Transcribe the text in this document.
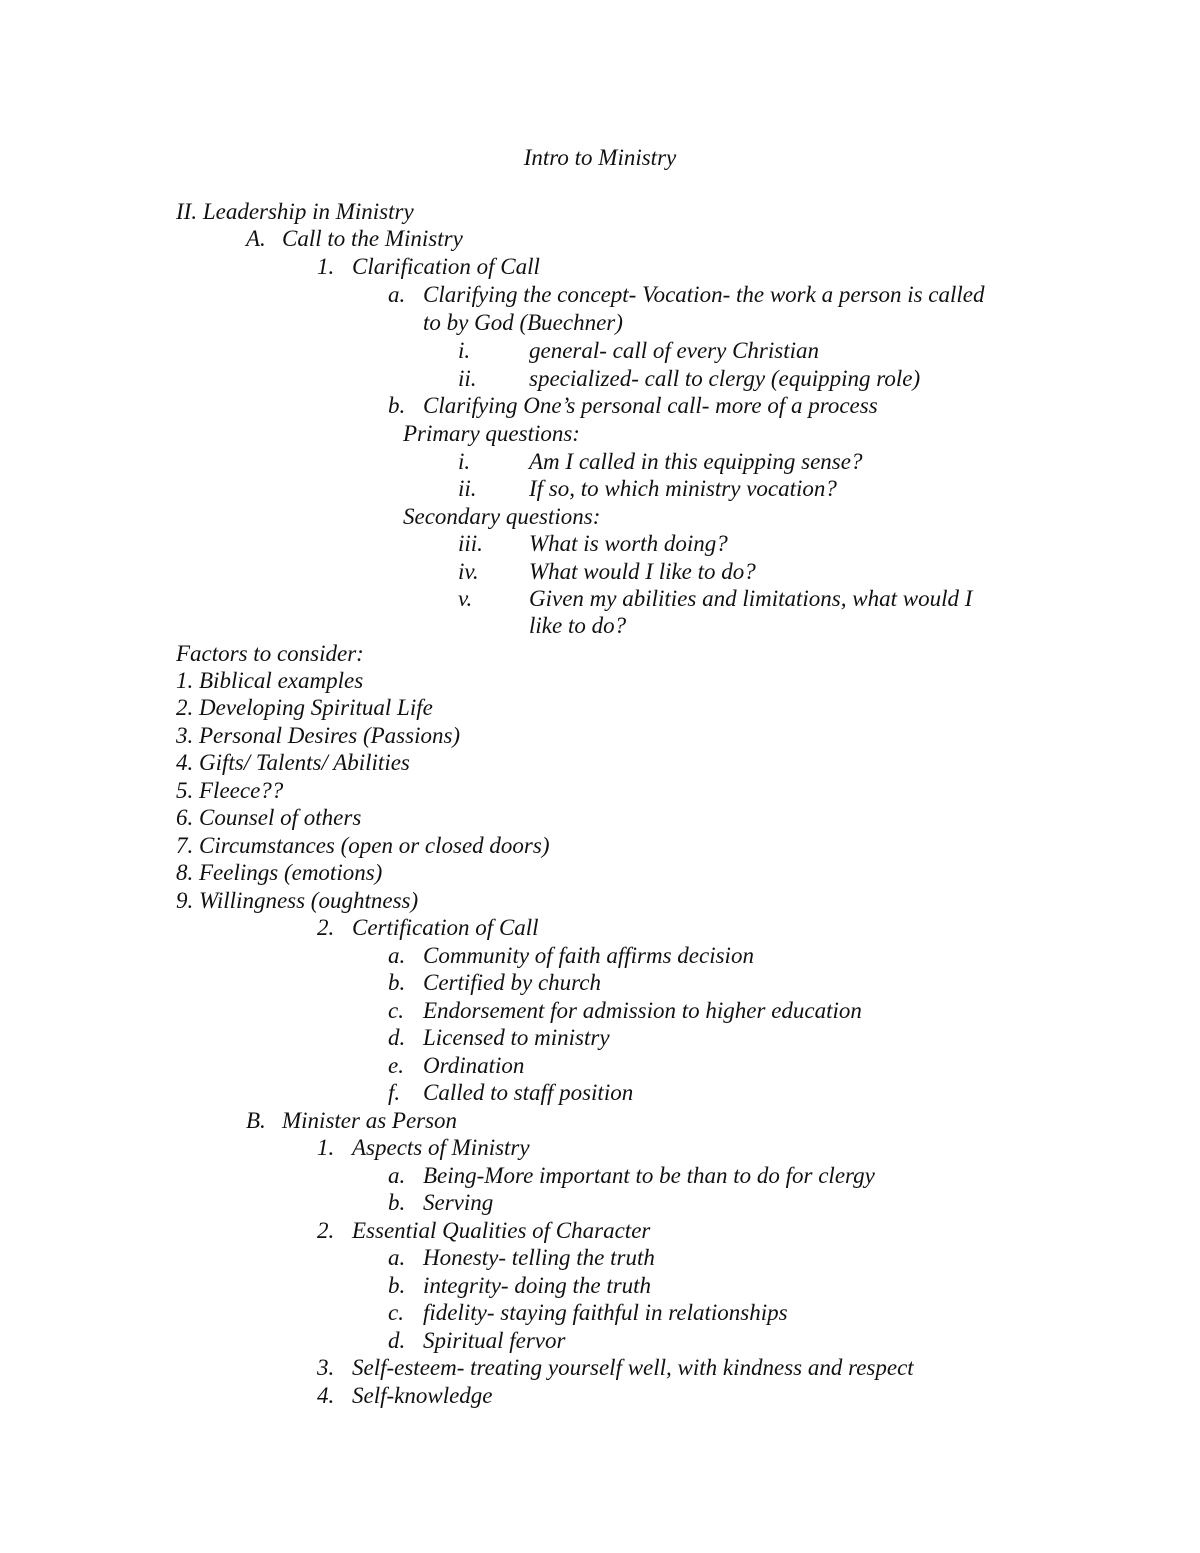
Intro to Ministry
II. Leadership in Ministry
A. Call to the Ministry
1. Clarification of Call
a. Clarifying the concept- Vocation- the work a person is called
to by God (Buechner)
i.	general- call of every Christian
ii. specialized- call to clergy (equipping role)
b. Clarifying One’s personal call- more of a process
Primary questions:
i.	Am I called in this equipping sense?
ii. If so, to which ministry vocation?
Secondary questions:
iii. What is worth doing?
iv. What would I like to do?
v. Given my abilities and limitations, what would I
like to do?
Factors to consider:
1. Biblical examples
2. Developing Spiritual Life
3. Personal Desires (Passions)
4. Gifts/ Talents/ Abilities
5. Fleece??
6. Counsel of others
7. Circumstances (open or closed doors)
8. Feelings (emotions)
9. Willingness (oughtness)
2. Certification of Call
a. Community of faith affirms decision
b. Certified by church
c. Endorsement for admission to higher education
d. Licensed to ministry
e. Ordination
f. Called to staff position
B. Minister as Person
1. Aspects of Ministry
a. Being-More important to be than to do for clergy
b. Serving
2. Essential Qualities of Character
a. Honesty- telling the truth
b. integrity- doing the truth
c. fidelity- staying faithful in relationships
d. Spiritual fervor
3. Self-esteem- treating yourself well, with kindness and respect
4. Self-knowledge
